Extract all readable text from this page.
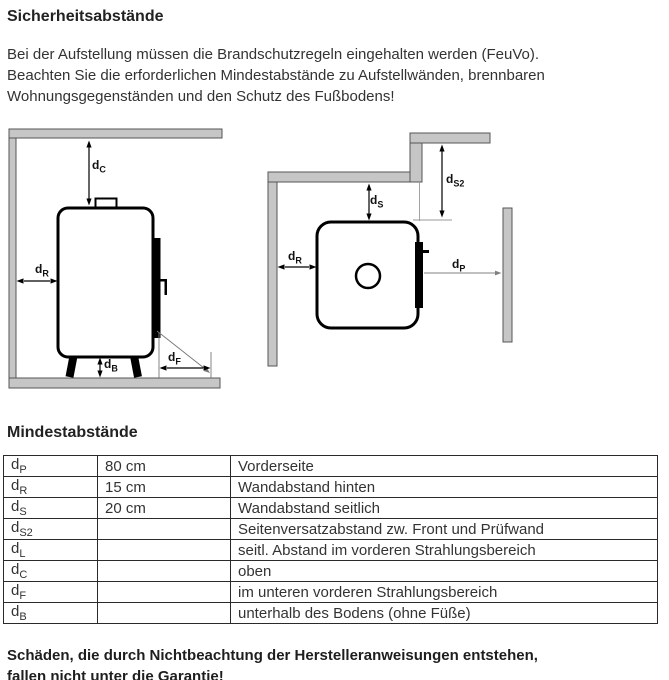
Sicherheitsabstände
Bei der Aufstellung müssen die Brandschutzregeln eingehalten werden (FeuVo).
Beachten Sie die erforderlichen Mindestabstände zu Aufstellwänden, brennbaren
Wohnungsgegenständen und den Schutz des Fußbodens!
$d_C$
$d_R$
$d_B$
$d_F$
$d_R$
$d_S$
$d_{S2}$
$d_P$
Mindestabstände
$d_P$	80 cm	Vorderseite
$d_R$	15 cm	Wandabstand hinten
$d_S$	20 cm	Wandabstand seitlich
$d_{S2}$		Seitenversatzabstand zw. Front und Prüfwand
$d_L$		seitl. Abstand im vorderen Strahlungsbereich
$d_C$		oben
$d_F$		im unteren vorderen Strahlungsbereich
$d_B$		unterhalb des Bodens (ohne Füße)
Schäden, die durch Nichtbeachtung der Herstelleranweisungen entstehen,
fallen nicht unter die Garantie!
